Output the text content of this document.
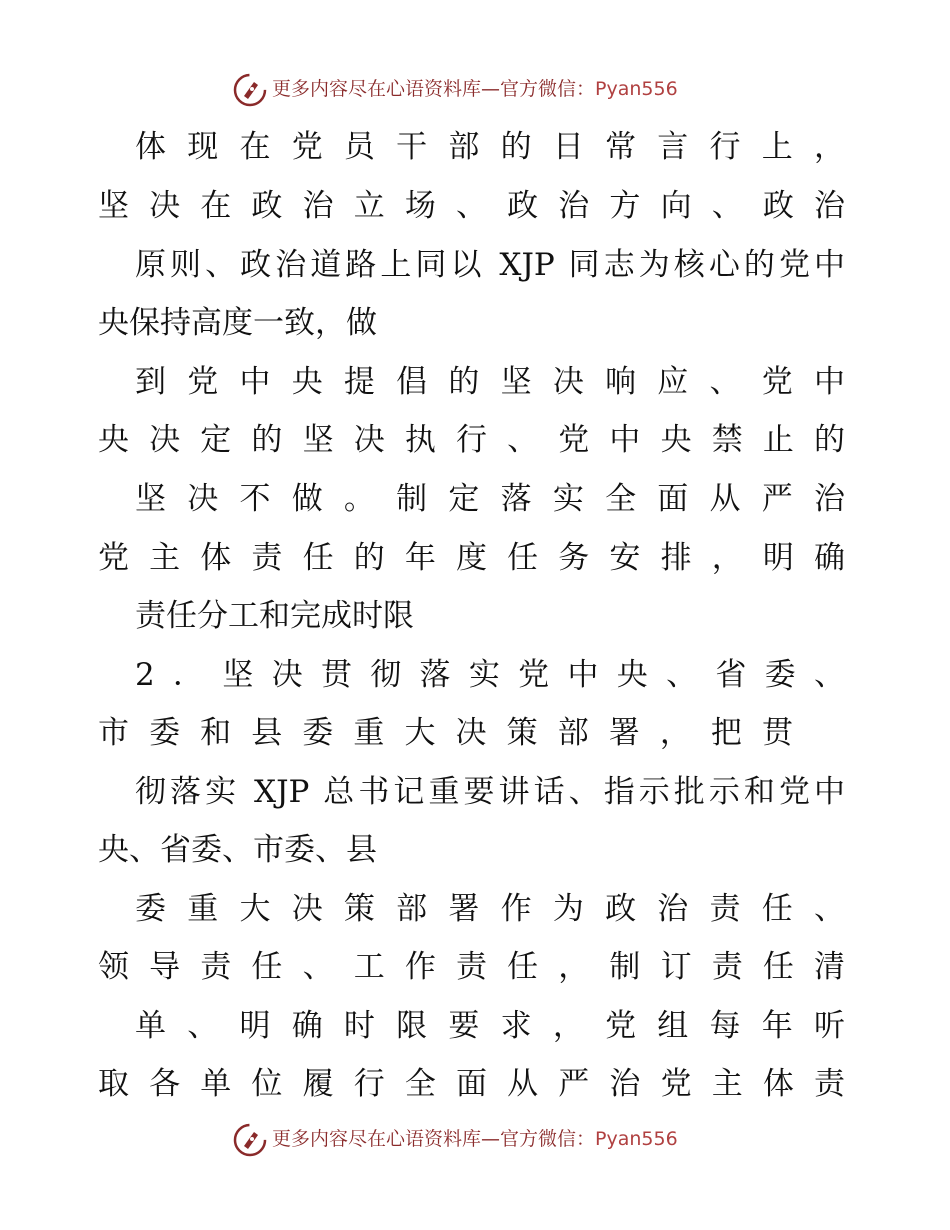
更多内容尽在心语资料库—官方微信：Pyan556
体现在党员干部的日常言行上，
坚决在政治立场、政治方向、政治
原则、政治道路上同以 XJP 同志为核心的党中
央保持高度一致，做
到党中央提倡的坚决响应、党中
央决定的坚决执行、党中央禁止的
坚决不做。制定落实全面从严治
党主体责任的年度任务安排，明确
责任分工和完成时限
2．坚决贯彻落实党中央、省委、
市委和县委重大决策部署，把贯
彻落实 XJP 总书记重要讲话、指示批示和党中
央、省委、市委、县
委重大决策部署作为政治责任、
领导责任、工作责任，制订责任清
单、明确时限要求，党组每年听
取各单位履行全面从严治党主体责
更多内容尽在心语资料库—官方微信：Pyan556
